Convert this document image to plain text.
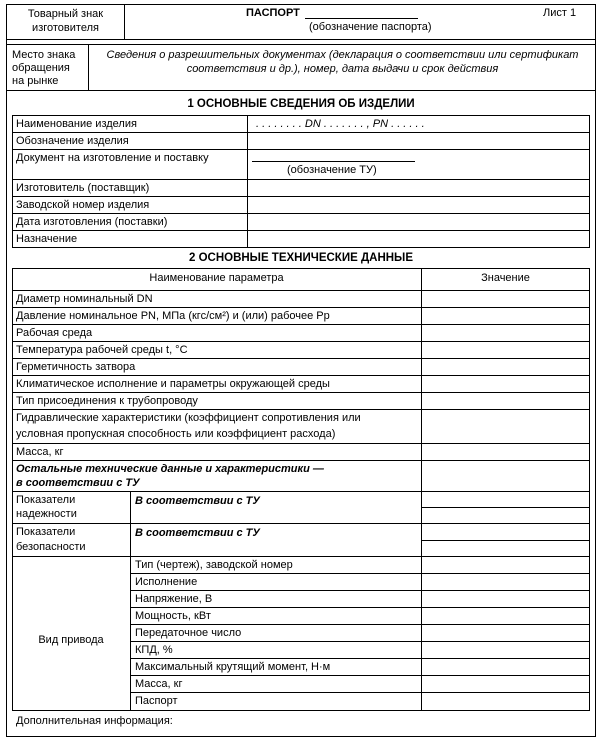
Товарный знак
изготовителя
ПАСПОРТ
(обозначение паспорта)
Лист 1
Место знака
обращения
на рынке
Сведения о разрешительных документах (декларация о соответствии или сертификат
соответствия и др.), номер, дата выдачи и срок действия
1 ОСНОВНЫЕ СВЕДЕНИЯ ОБ ИЗДЕЛИИ
Наименование изделия	. . . . . . . . DN . . . . . . . , PN . . . . . .
Обозначение изделия
Документ на изготовление и поставку
(обозначение ТУ)
Изготовитель (поставщик)
Заводской номер изделия
Дата изготовления (поставки)
Назначение
2 ОСНОВНЫЕ ТЕХНИЧЕСКИЕ ДАННЫЕ
Наименование параметра	Значение
Диаметр номинальный DN
Давление номинальное PN, МПа (кгс/см²) и (или) рабочее Pр
Рабочая среда
Температура рабочей среды t, °С
Герметичность затвора
Климатическое исполнение и параметры окружающей среды
Тип присоединения к трубопроводу
Гидравлические характеристики (коэффициент сопротивления или
условная пропускная способность или коэффициент расхода)
Масса, кг
Остальные технические данные и характеристики —
в соответствии с ТУ
Показатели
надежности
В соответствии с ТУ
Показатели
безопасности
В соответствии с ТУ
Вид привода
Тип (чертеж), заводской номер
Исполнение
Напряжение, В
Мощность, кВт
Передаточное число
КПД, %
Максимальный крутящий момент, Н·м
Масса, кг
Паспорт
Дополнительная информация:
